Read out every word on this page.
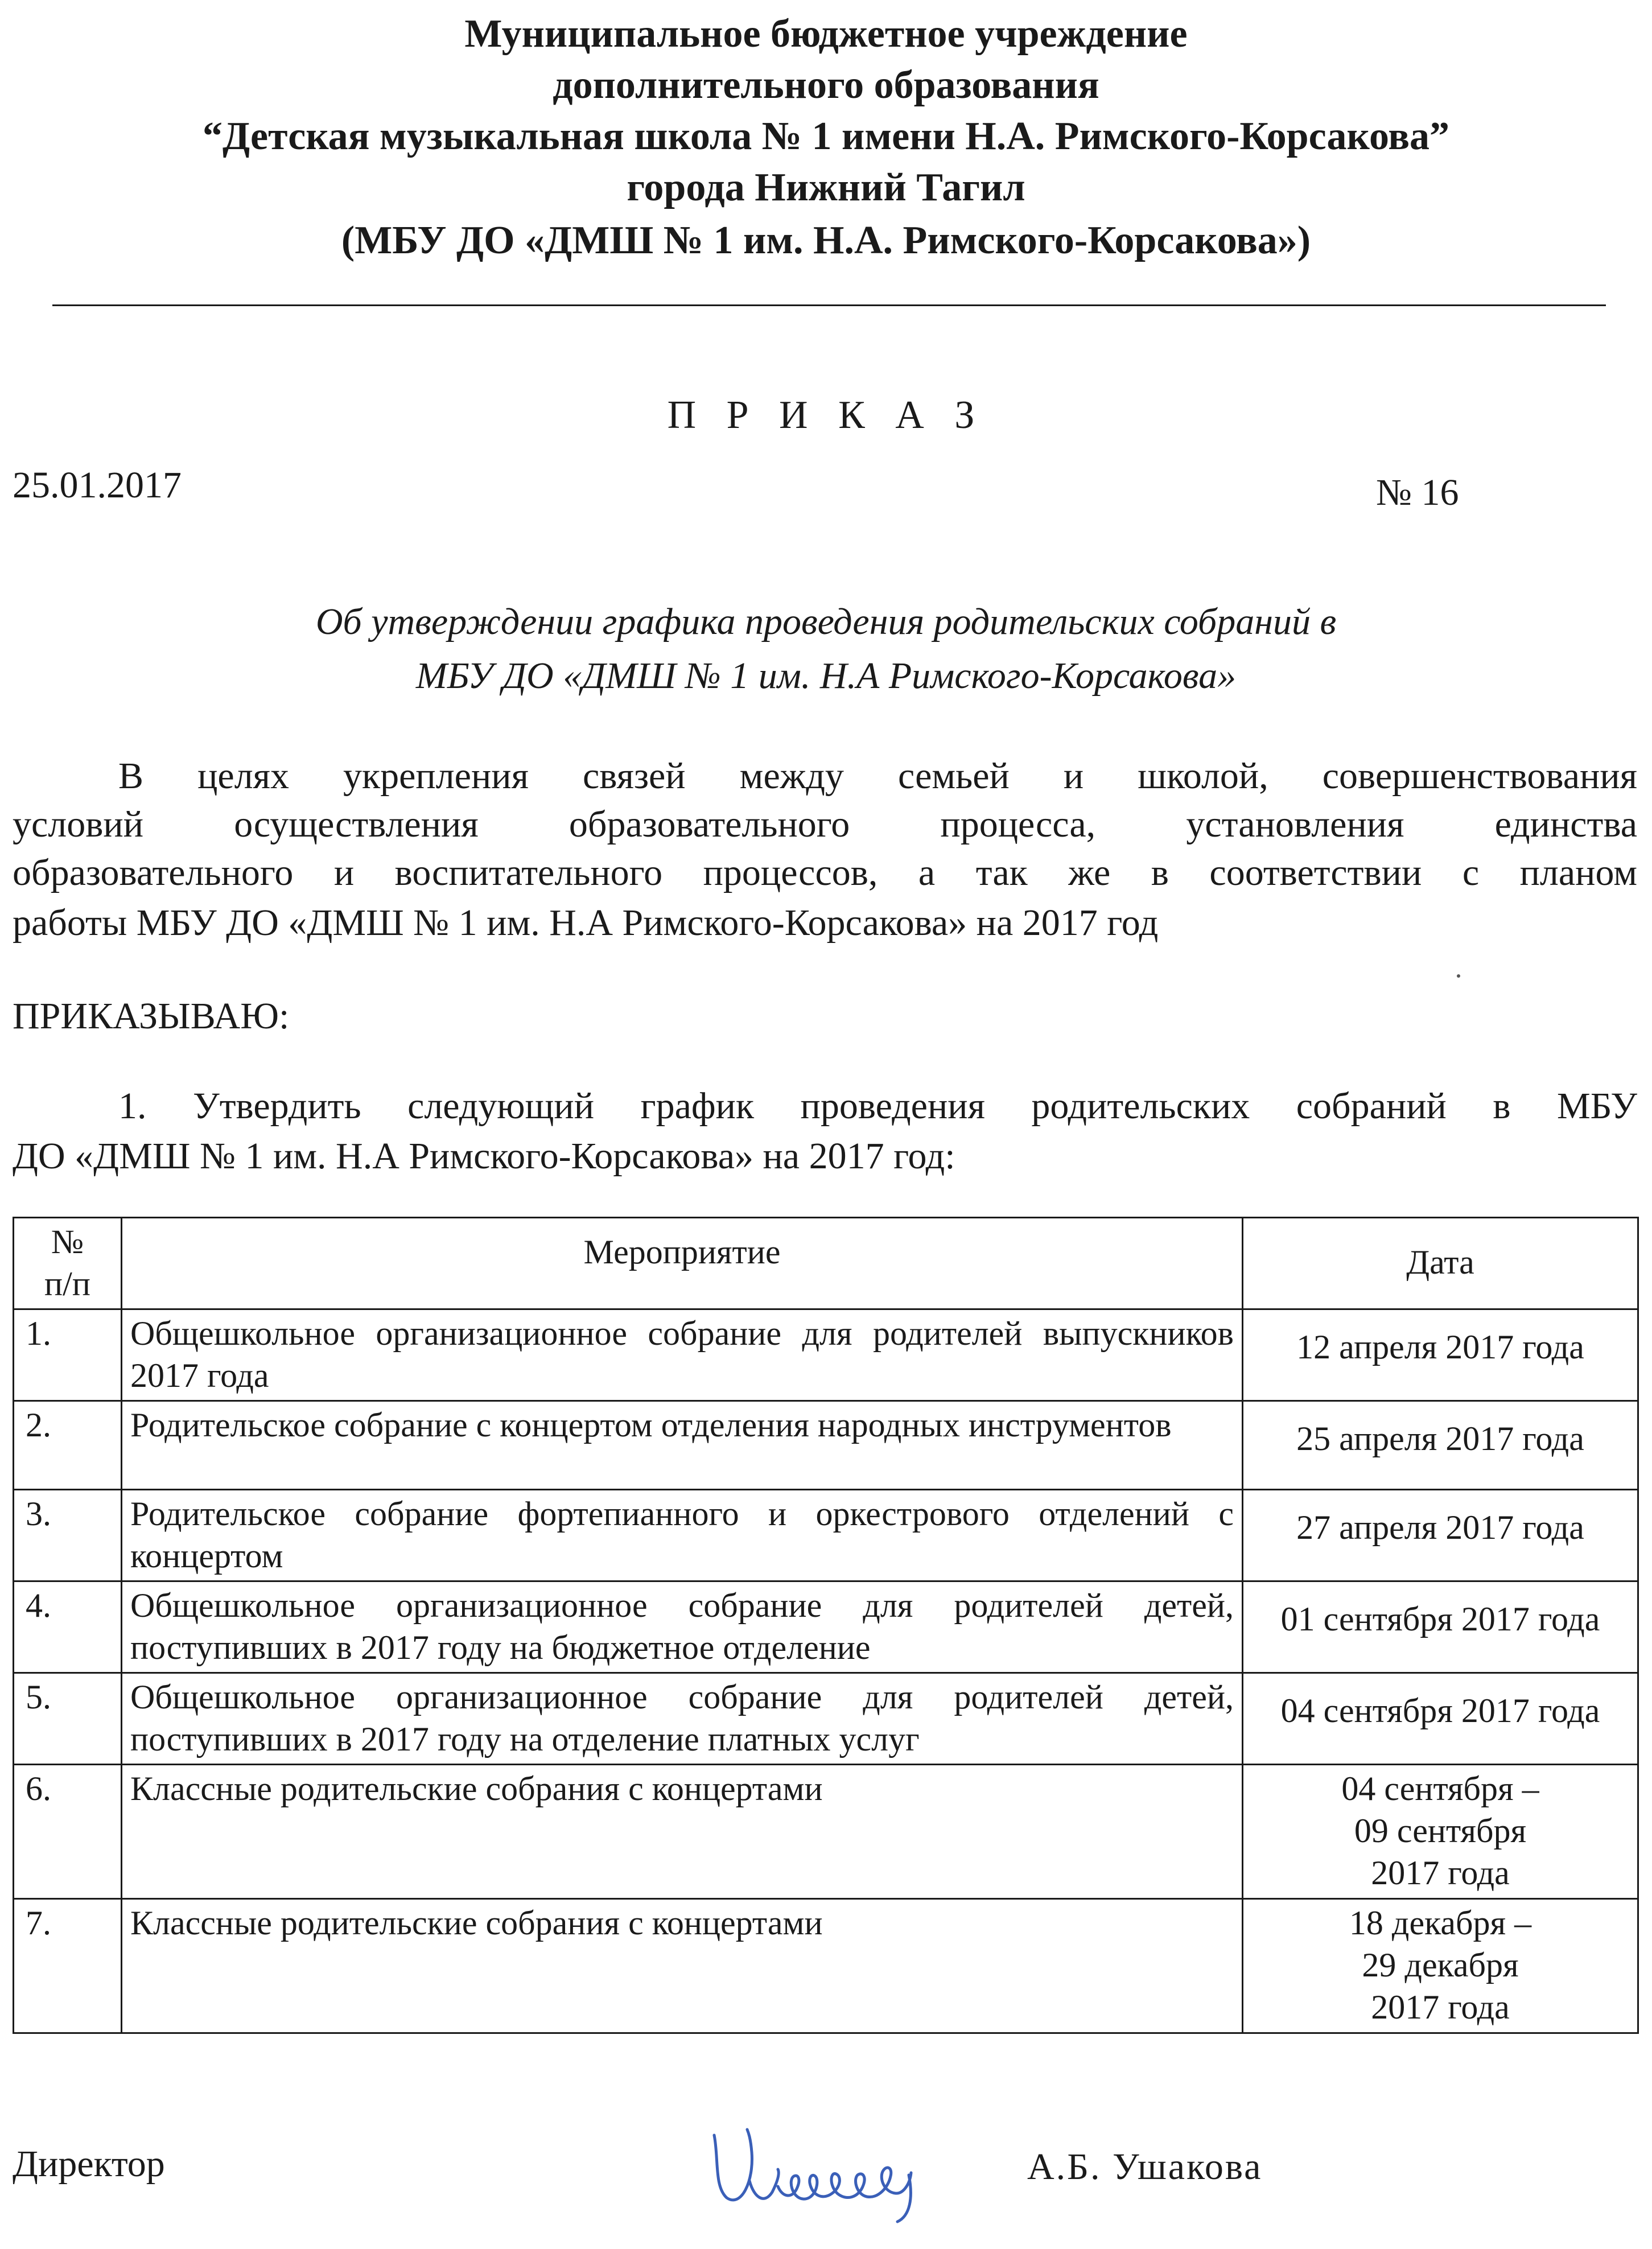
Муниципальное бюджетное учреждение
дополнительного образования
“Детская музыкальная школа № 1 имени Н.А. Римского-Корсакова”
города Нижний Тагил
(МБУ ДО «ДМШ № 1 им. Н.А. Римского-Корсакова»)
П Р И К А З
25.01.2017	№ 16
Об утверждении графика проведения родительских собраний в
МБУ ДО «ДМШ № 1 им. Н.А Римского-Корсакова»
В целях укрепления связей между семьей и школой, совершенствования
условий осуществления образовательного процесса, установления единства
образовательного и воспитательного процессов, а так же в соответствии с планом
работы МБУ ДО «ДМШ № 1 им. Н.А Римского-Корсакова» на 2017 год
ПРИКАЗЫВАЮ:
1. Утвердить следующий график проведения родительских собраний в МБУ
ДО «ДМШ № 1 им. Н.А Римского-Корсакова» на 2017 год:
№
п/п	Мероприятие	Дата
1.	Общешкольное организационное собрание для родителей выпускников 2017 года	12 апреля 2017 года
2.	Родительское собрание с концертом отделения народных инструментов	25 апреля 2017 года
3.	Родительское собрание фортепианного и оркестрового отделений с концертом	27 апреля 2017 года
4.	Общешкольное организационное собрание для родителей детей, поступивших в 2017 году на бюджетное отделение	01 сентября 2017 года
5.	Общешкольное организационное собрание для родителей детей, поступивших в 2017 году на отделение платных услуг	04 сентября 2017 года
6.	Классные родительские собрания с концертами	04 сентября –
09 сентября
2017 года

7.	Классные родительские собрания с концертами	18 декабря –
29 декабря
2017 года
Директор	А.Б. Ушакова
